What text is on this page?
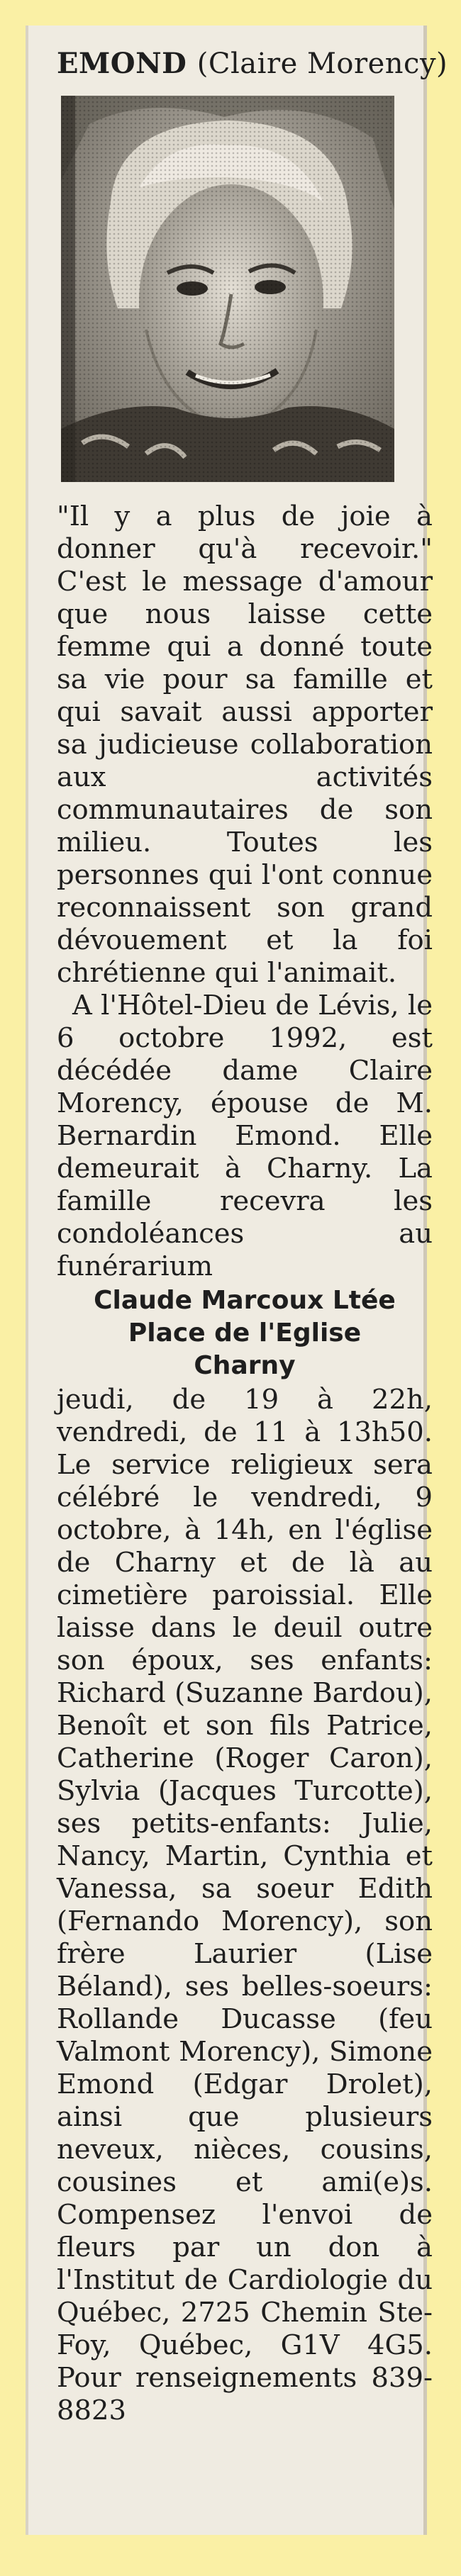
EMOND (Claire Morency)

"Il y a plus de joie à donner qu'à recevoir." C'est le message d'amour que nous laisse cette femme qui a donné toute sa vie pour sa famille et qui savait aussi apporter sa judicieuse collaboration aux activités communautaires de son milieu. Toutes les personnes qui l'ont connue reconnaissent son grand dévouement et la foi chrétienne qui l'animait.

A l'Hôtel-Dieu de Lévis, le 6 octobre 1992, est décédée dame Claire Morency, épouse de M. Bernardin Emond. Elle demeurait à Charny. La famille recevra les condoléances au funérarium

Claude Marcoux Ltée
Place de l'Eglise
Charny

jeudi, de 19 à 22h, vendredi, de 11 à 13h50. Le service religieux sera célébré le vendredi, 9 octobre, à 14h, en l'église de Charny et de là au cimetière paroissial. Elle laisse dans le deuil outre son époux, ses enfants: Richard (Suzanne Bardou), Benoît et son fils Patrice, Catherine (Roger Caron), Sylvia (Jacques Turcotte), ses petits-enfants: Julie, Nancy, Martin, Cynthia et Vanessa, sa soeur Edith (Fernando Morency), son frère Laurier (Lise Béland), ses belles-soeurs: Rollande Ducasse (feu Valmont Morency), Simone Emond (Edgar Drolet), ainsi que plusieurs neveux, nièces, cousins, cousines et ami(e)s. Compensez l'envoi de fleurs par un don à l'Institut de Cardiologie du Québec, 2725 Chemin Ste-Foy, Québec, G1V 4G5. Pour renseignements 839-8823
